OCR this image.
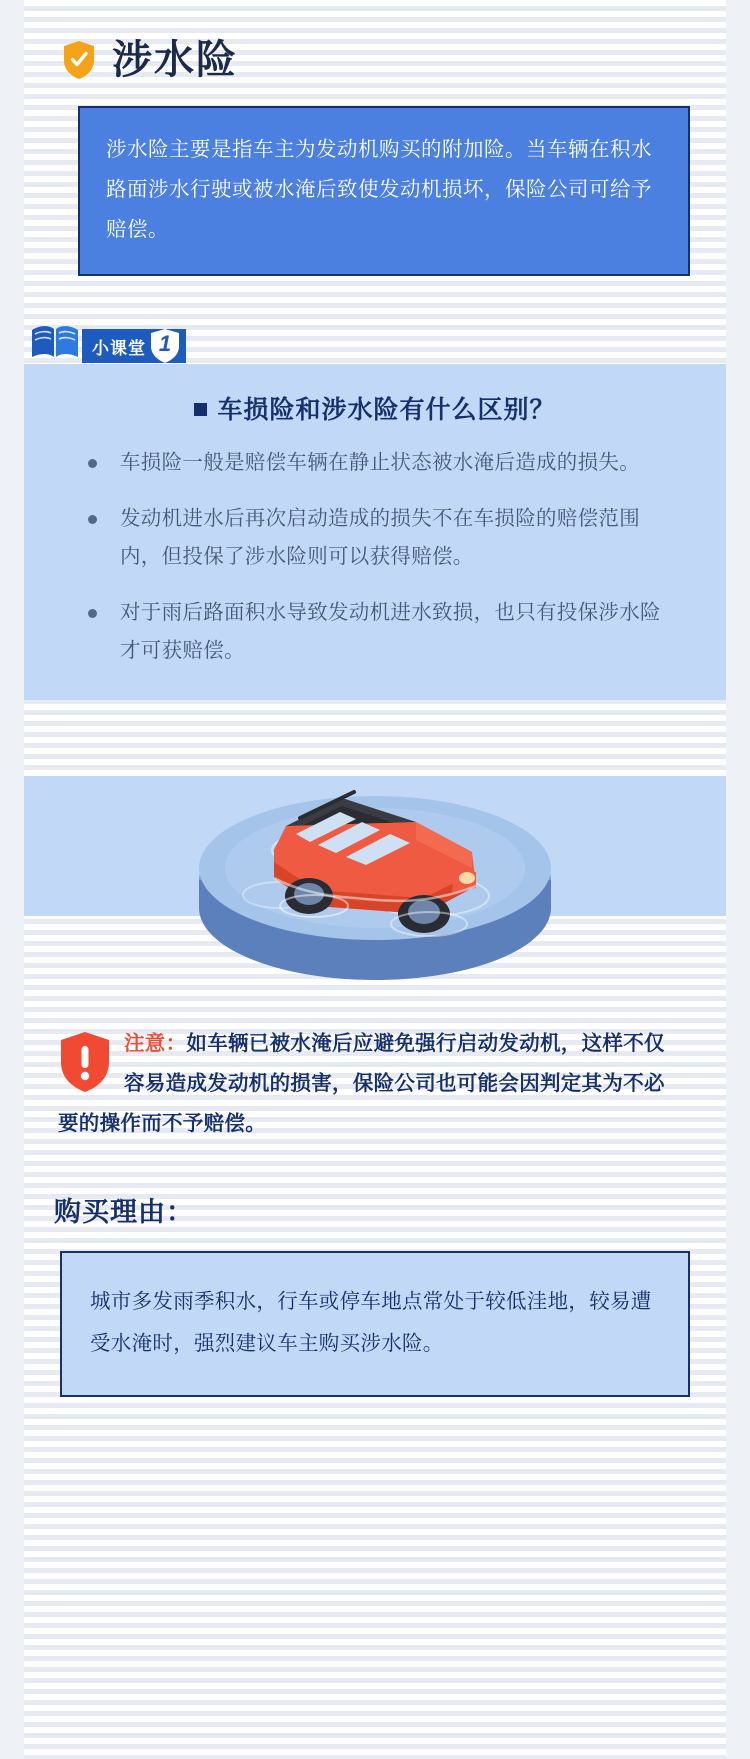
涉水险

涉水险主要是指车主为发动机购买的附加险。当车辆在积水路面涉水行驶或被水淹后致使发动机损坏，保险公司可给予赔偿。

小课堂 1
车损险和涉水险有什么区别？
车损险一般是赔偿车辆在静止状态被水淹后造成的损失。
发动机进水后再次启动造成的损失不在车损险的赔偿范围内，但投保了涉水险则可以获得赔偿。
对于雨后路面积水导致发动机进水致损，也只有投保涉水险才可获赔偿。
注意：如车辆已被水淹后应避免强行启动发动机，这样不仅容易造成发动机的损害，保险公司也可能会因判定其为不必要的操作而不予赔偿。
购买理由：

城市多发雨季积水，行车或停车地点常处于较低洼地，较易遭受水淹时，强烈建议车主购买涉水险。
